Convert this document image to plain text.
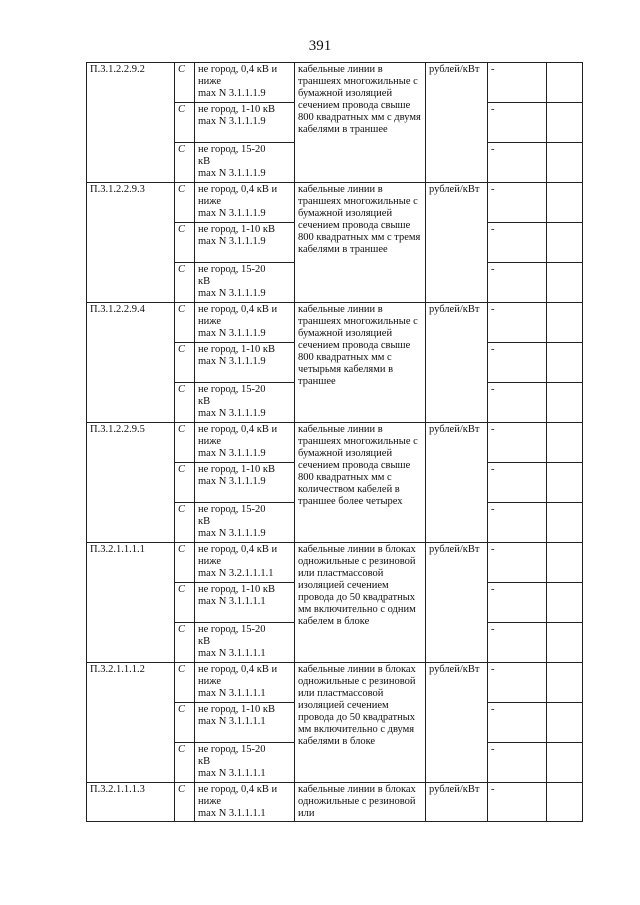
391
П.3.1.2.2.9.2	С	не город, 0,4 кВ и ниже
max N 3.1.1.1.9	кабельные линии в траншеях многожильные с бумажной изоляцией сечением провода свыше 800 квадратных мм с двумя кабелями в траншее	рублей/кВт	-	
	С	не город, 1-10 кВ
max N 3.1.1.1.9			-	
	С	не город, 15-20
кВ
max N 3.1.1.1.9			-	
П.3.1.2.2.9.3	С	не город, 0,4 кВ и ниже
max N 3.1.1.1.9	кабельные линии в траншеях многожильные с бумажной изоляцией сечением провода свыше 800 квадратных мм с тремя кабелями в траншее	рублей/кВт	-	
	С	не город, 1-10 кВ
max N 3.1.1.1.9			-	
	С	не город, 15-20
кВ
max N 3.1.1.1.9			-	
П.3.1.2.2.9.4	С	не город, 0,4 кВ и ниже
max N 3.1.1.1.9	кабельные линии в траншеях многожильные с бумажной изоляцией сечением провода свыше 800 квадратных мм с четырьмя кабелями в траншее	рублей/кВт	-	
	С	не город, 1-10 кВ
max N 3.1.1.1.9			-	
	С	не город, 15-20
кВ
max N 3.1.1.1.9			-	
П.3.1.2.2.9.5	С	не город, 0,4 кВ и ниже
max N 3.1.1.1.9	кабельные линии в траншеях многожильные с бумажной изоляцией сечением провода свыше 800 квадратных мм с количеством кабелей в траншее более четырех	рублей/кВт	-	
	С	не город, 1-10 кВ
max N 3.1.1.1.9			-	
	С	не город, 15-20
кВ
max N 3.1.1.1.9			-	
П.3.2.1.1.1.1	С	не город, 0,4 кВ и ниже
max N 3.2.1.1.1.1	кабельные линии в блоках одножильные с резиновой или пластмассовой изоляцией сечением провода до 50 квадратных мм включительно с одним кабелем в блоке	рублей/кВт	-	
	С	не город, 1-10 кВ
max N 3.1.1.1.1			-	
	С	не город, 15-20
кВ
max N 3.1.1.1.1			-	
П.3.2.1.1.1.2	С	не город, 0,4 кВ и ниже
max N 3.1.1.1.1	кабельные линии в блоках одножильные с резиновой или пластмассовой изоляцией сечением провода до 50 квадратных мм включительно с двумя кабелями в блоке	рублей/кВт	-	
	С	не город, 1-10 кВ
max N 3.1.1.1.1			-	
	С	не город, 15-20
кВ
max N 3.1.1.1.1			-	
П.3.2.1.1.1.3	С	не город, 0,4 кВ и ниже
max N 3.1.1.1.1	кабельные линии в блоках одножильные с резиновой или	рублей/кВт	-	
